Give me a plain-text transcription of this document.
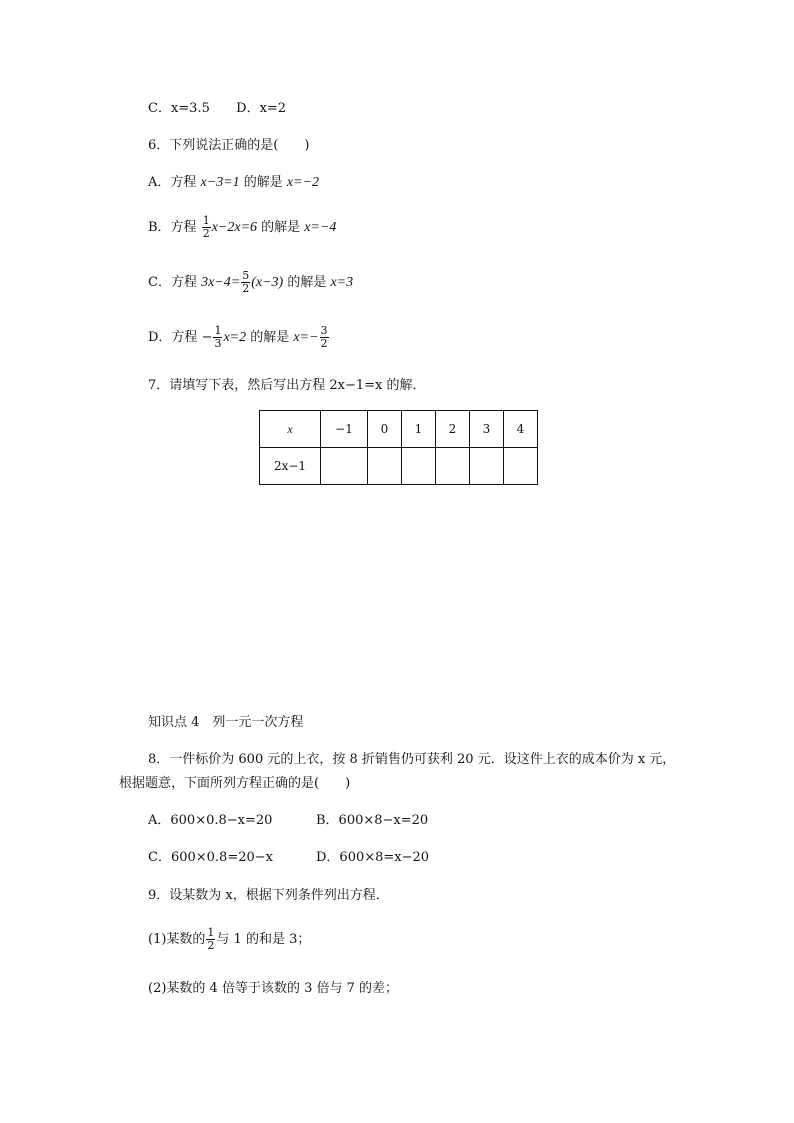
C．x=3.5 D．x=2
6．下列说法正确的是(　　)
A．方程 x−3=1 的解是 x=−2
B．方程 $\frac{1}{2} x-2x=6$ 的解是 x=−4
C．方程 $3x-4= \frac{5}{2} (x-3)$ 的解是 x=3
D．方程 − $\frac{1}{3} x=2$ 的解是 $x=- \frac{3}{2}$
7．请填写下表，然后写出方程 2x−1=x 的解．
x	−1	0	1	2	3	4
2x−1						
知识点 4　列一元一次方程
8．一件标价为 600 元的上衣，按 8 折销售仍可获利 20 元．设这件上衣的成本价为 x 元，
根据题意，下面所列方程正确的是(　　)
A．600×0.8−x=20	B．600×8−x=20
C．600×0.8=20−x	D．600×8=x−20
9．设某数为 x，根据下列条件列出方程．
(1)某数的 $\frac{1}{2}$ 与 1 的和是 3；
(2)某数的 4 倍等于该数的 3 倍与 7 的差；
